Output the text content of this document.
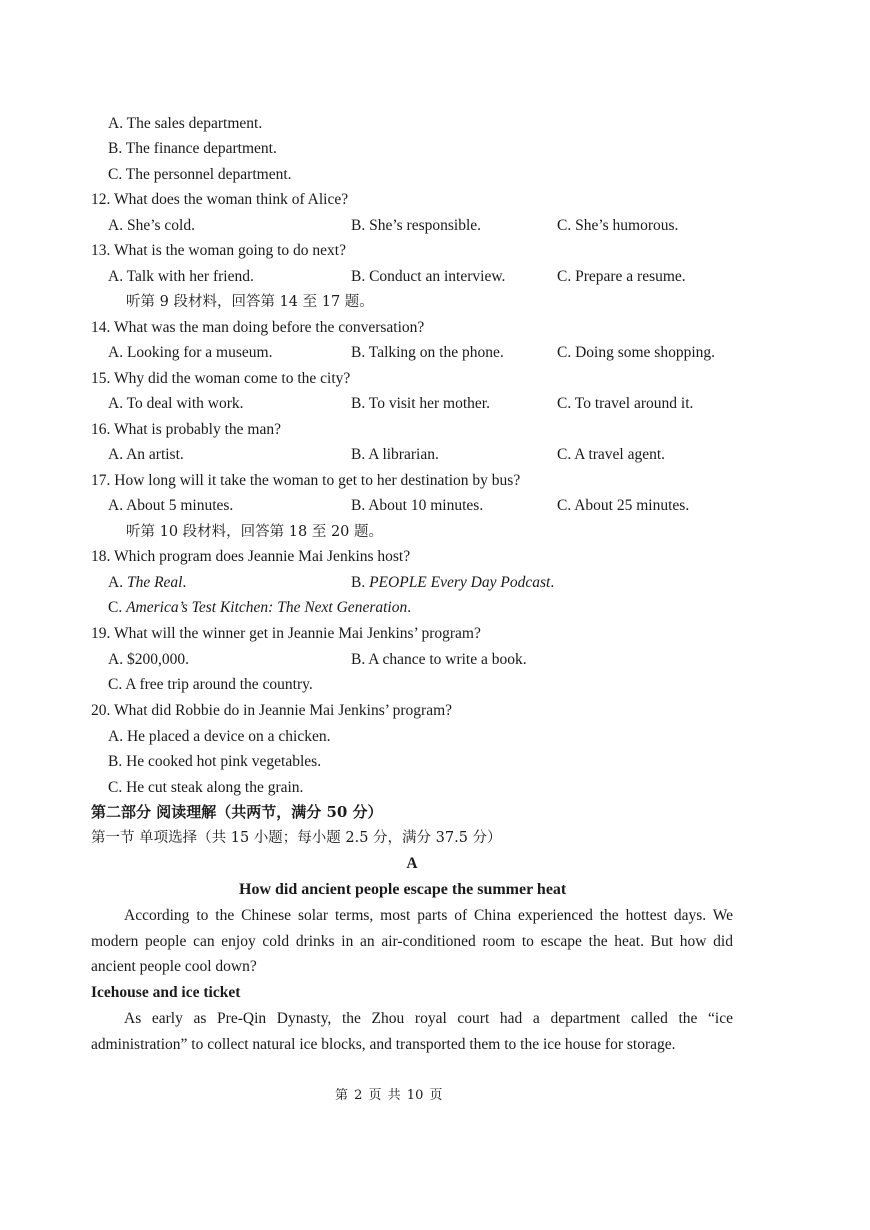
A. The sales department.
B. The finance department.
C. The personnel department.
12. What does the woman think of Alice?
A. She’s cold.	B. She’s responsible.	C. She’s humorous.
13. What is the woman going to do next?
A. Talk with her friend.	B. Conduct an interview.	C. Prepare a resume.
听第 9 段材料，回答第 14 至 17 题。
14. What was the man doing before the conversation?
A. Looking for a museum.	B. Talking on the phone.	C. Doing some shopping.
15. Why did the woman come to the city?
A. To deal with work.	B. To visit her mother.	C. To travel around it.
16. What is probably the man?
A. An artist.	B. A librarian.	C. A travel agent.
17. How long will it take the woman to get to her destination by bus?
A. About 5 minutes.	B. About 10 minutes.	C. About 25 minutes.
听第 10 段材料，回答第 18 至 20 题。
18. Which program does Jeannie Mai Jenkins host?
A. The Real.	B. PEOPLE Every Day Podcast.
C. America’s Test Kitchen: The Next Generation.
19. What will the winner get in Jeannie Mai Jenkins’ program?
A. $200,000.	B. A chance to write a book.
C. A free trip around the country.
20. What did Robbie do in Jeannie Mai Jenkins’ program?
A. He placed a device on a chicken.
B. He cooked hot pink vegetables.
C. He cut steak along the grain.
第二部分 阅读理解（共两节，满分 50 分）
第一节 单项选择（共 15 小题；每小题 2.5 分，满分 37.5 分）
A
How did ancient people escape the summer heat
According to the Chinese solar terms, most parts of China experienced the hottest days. We modern people can enjoy cold drinks in an air-conditioned room to escape the heat. But how did ancient people cool down?
Icehouse and ice ticket
As early as Pre-Qin Dynasty, the Zhou royal court had a department called the “ice administration” to collect natural ice blocks, and transported them to the ice house for storage.
第 2 页 共 10 页
